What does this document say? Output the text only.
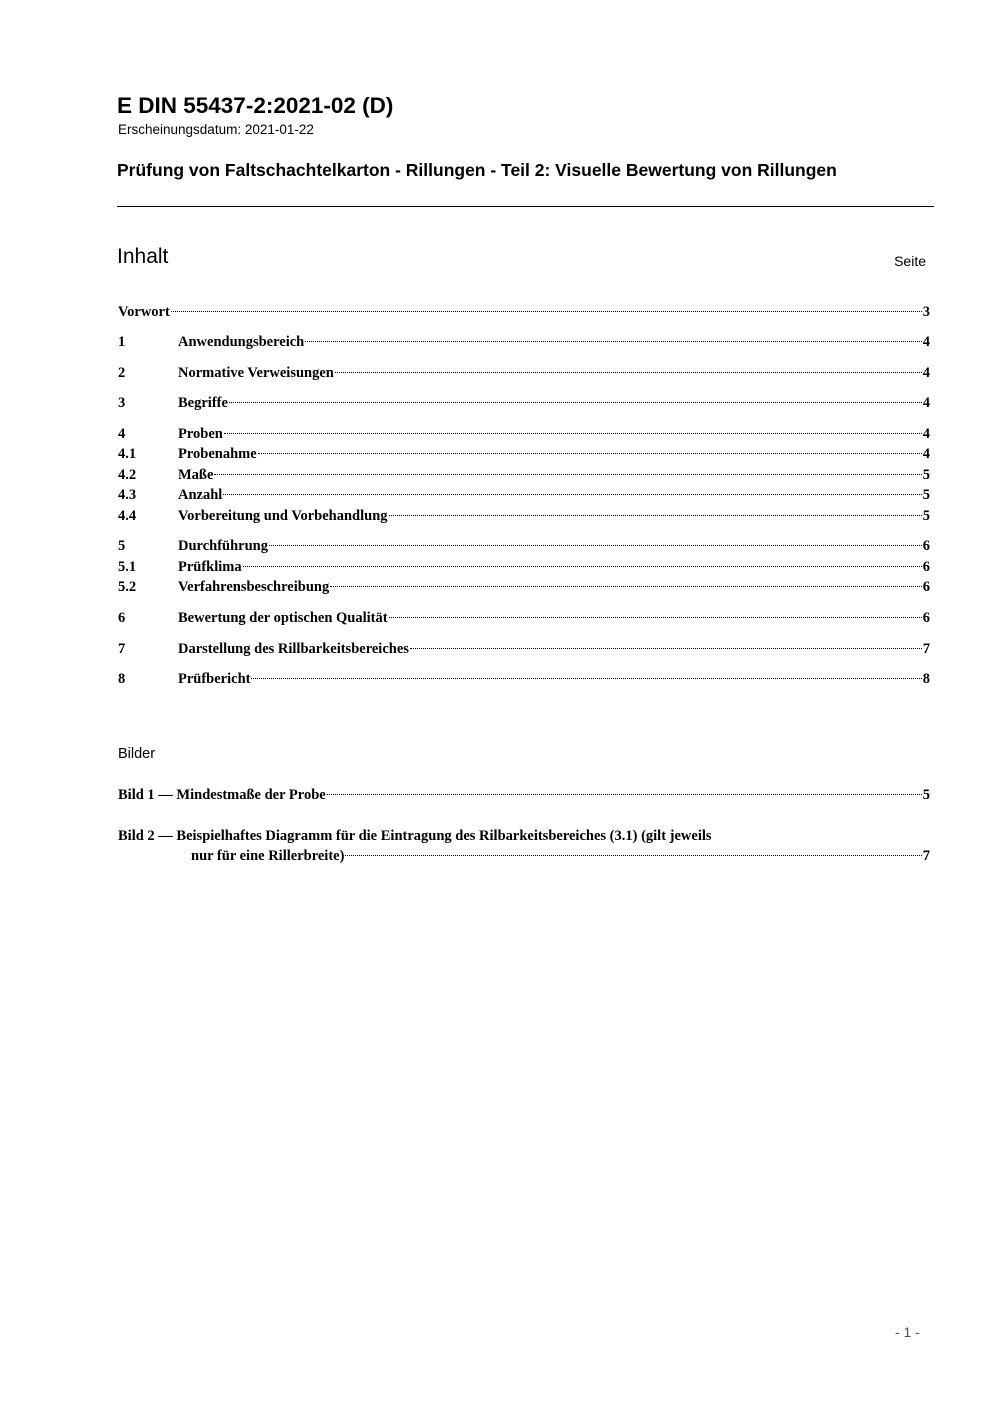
E DIN 55437-2:2021-02 (D)
Erscheinungsdatum: 2021-01-22
Prüfung von Faltschachtelkarton - Rillungen - Teil 2: Visuelle Bewertung von Rillungen
Inhalt	Seite
Vorwort	3
1	Anwendungsbereich	4
2	Normative Verweisungen	4
3	Begriffe	4
4	Proben	4
4.1	Probenahme	4
4.2	Maße	5
4.3	Anzahl	5
4.4	Vorbereitung und Vorbehandlung	5
5	Durchführung	6
5.1	Prüfklima	6
5.2	Verfahrensbeschreibung	6
6	Bewertung der optischen Qualität	6
7	Darstellung des Rillbarkeitsbereiches	7
8	Prüfbericht	8
Bilder
Bild 1 — Mindestmaße der Probe	5
Bild 2 — Beispielhaftes Diagramm für die Eintragung des Rilbarkeitsbereiches (3.1) (gilt jeweils
nur für eine Rillerbreite)	7
- 1 -
